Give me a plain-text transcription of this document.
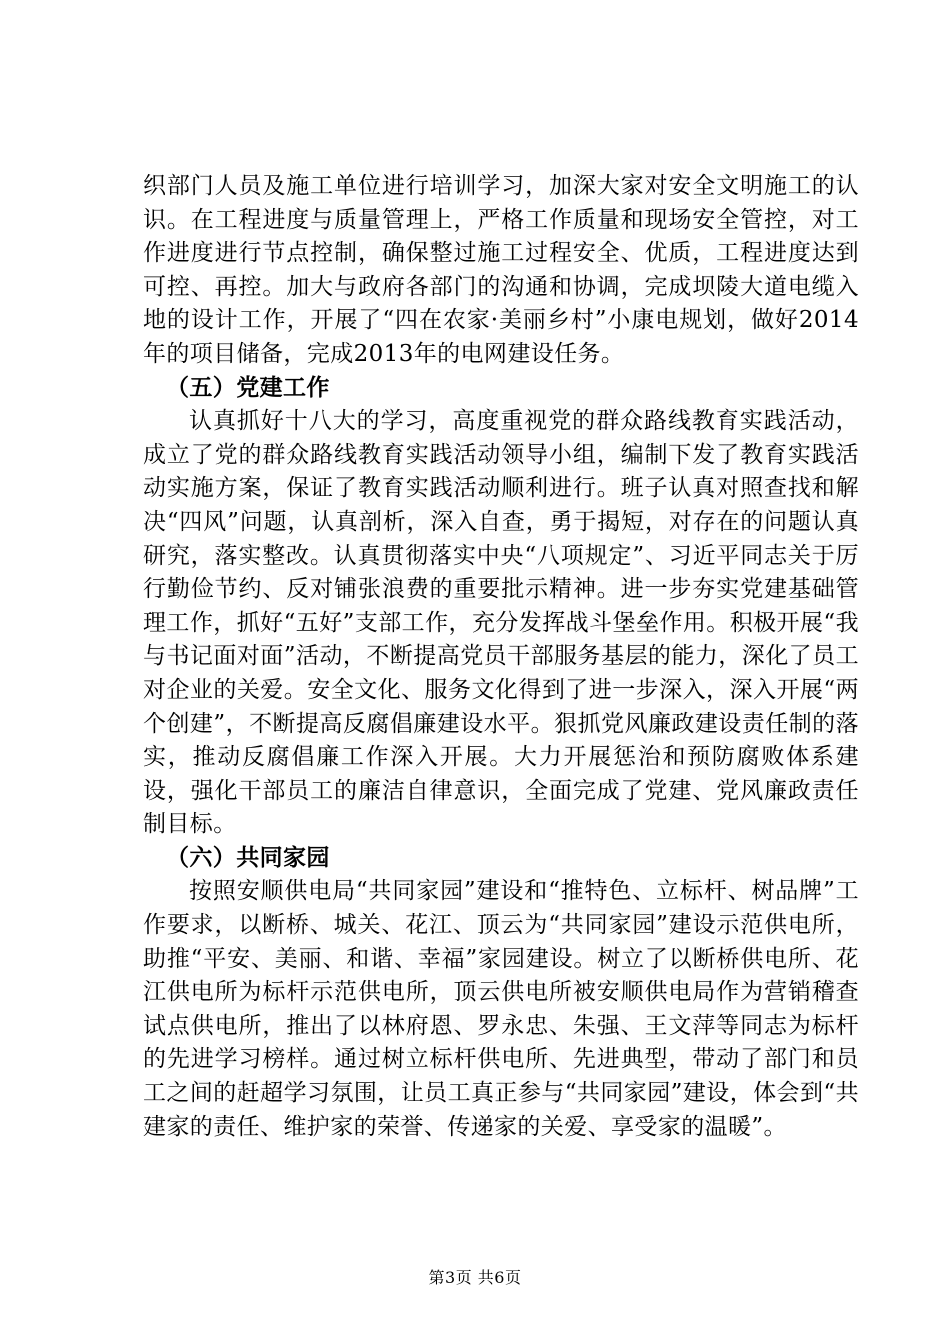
织部门人员及施工单位进行培训学习，加深大家对安全文明施工的认识。在工程进度与质量管理上，严格工作质量和现场安全管控，对工作进度进行节点控制，确保整过施工过程安全、优质，工程进度达到可控、再控。加大与政府各部门的沟通和协调，完成坝陵大道电缆入地的设计工作，开展了“四在农家·美丽乡村”小康电规划，做好2014年的项目储备，完成2013年的电网建设任务。

（五）党建工作

认真抓好十八大的学习，高度重视党的群众路线教育实践活动，成立了党的群众路线教育实践活动领导小组，编制下发了教育实践活动实施方案，保证了教育实践活动顺利进行。班子认真对照查找和解决“四风”问题，认真剖析，深入自查，勇于揭短，对存在的问题认真研究，落实整改。认真贯彻落实中央“八项规定”、习近平同志关于厉行勤俭节约、反对铺张浪费的重要批示精神。进一步夯实党建基础管理工作，抓好“五好”支部工作，充分发挥战斗堡垒作用。积极开展“我与书记面对面”活动，不断提高党员干部服务基层的能力，深化了员工对企业的关爱。安全文化、服务文化得到了进一步深入，深入开展“两个创建”，不断提高反腐倡廉建设水平。狠抓党风廉政建设责任制的落实，推动反腐倡廉工作深入开展。大力开展惩治和预防腐败体系建设，强化干部员工的廉洁自律意识，全面完成了党建、党风廉政责任制目标。

（六）共同家园

按照安顺供电局“共同家园”建设和“推特色、立标杆、树品牌”工作要求，以断桥、城关、花江、顶云为“共同家园”建设示范供电所，助推“平安、美丽、和谐、幸福”家园建设。树立了以断桥供电所、花江供电所为标杆示范供电所，顶云供电所被安顺供电局作为营销稽查试点供电所，推出了以林府恩、罗永忠、朱强、王文萍等同志为标杆的先进学习榜样。通过树立标杆供电所、先进典型，带动了部门和员工之间的赶超学习氛围，让员工真正参与“共同家园”建设，体会到“共建家的责任、维护家的荣誉、传递家的关爱、享受家的温暖”。

第3页 共6页
